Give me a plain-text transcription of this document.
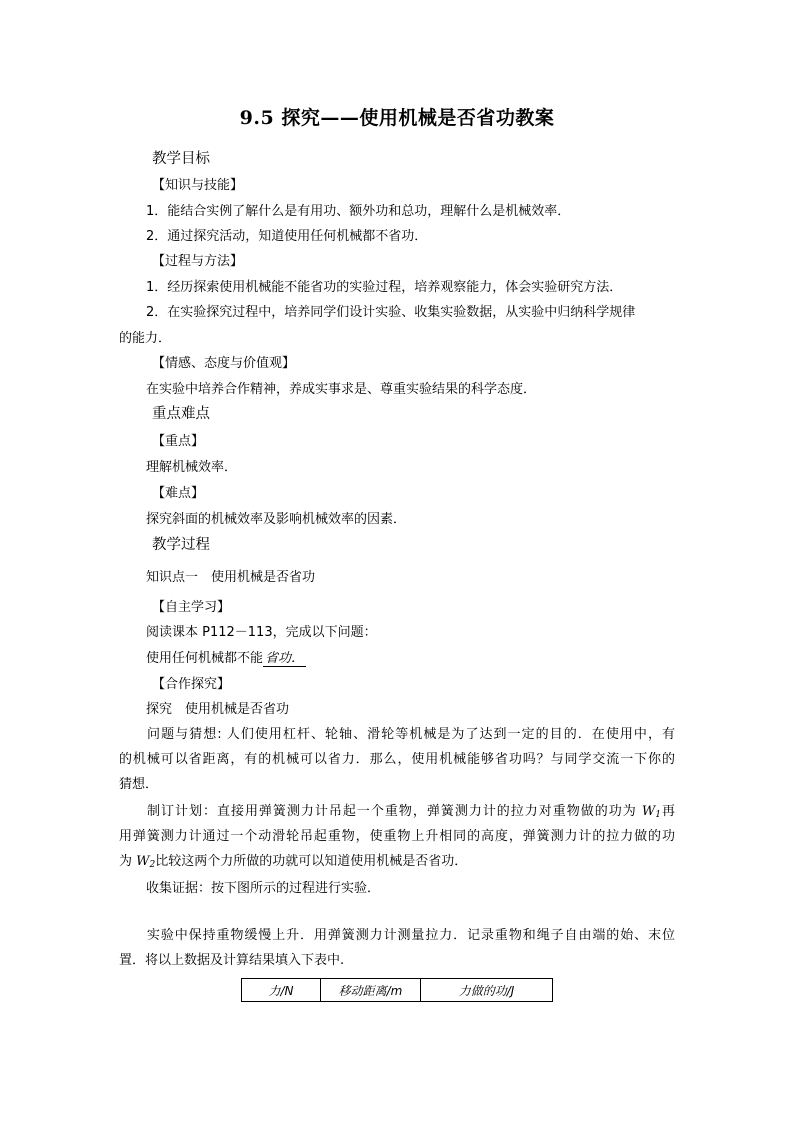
9.5 探究——使用机械是否省功教案
教学目标
【知识与技能】
1．能结合实例了解什么是有用功、额外功和总功，理解什么是机械效率．
2．通过探究活动，知道使用任何机械都不省功．
【过程与方法】
1．经历探索使用机械能不能省功的实验过程，培养观察能力，体会实验研究方法．
2．在实验探究过程中，培养同学们设计实验、收集实验数据，从实验中归纳科学规律
的能力．
【情感、态度与价值观】
在实验中培养合作精神，养成实事求是、尊重实验结果的科学态度．
重点难点
【重点】
理解机械效率．
【难点】
探究斜面的机械效率及影响机械效率的因素．
教学过程
知识点一　使用机械是否省功
【自主学习】
阅读课本 P112－113，完成以下问题：
使用任何机械都不能 省功．
【合作探究】
探究　使用机械是否省功
问题与猜想: 人们使用杠杆、轮轴、滑轮等机械是为了达到一定的目的．在使用中，有
的机械可以省距离，有的机械可以省力．那么，使用机械能够省功吗？与同学交流一下你的
猜想．
制订计划：直接用弹簧测力计吊起一个重物，弹簧测力计的拉力对重物做的功为 $W_1$再
用弹簧测力计通过一个动滑轮吊起重物，使重物上升相同的高度，弹簧测力计的拉力做的功
为 $W_2$比较这两个力所做的功就可以知道使用机械是否省功．
收集证据：按下图所示的过程进行实验．
实验中保持重物缓慢上升．用弹簧测力计测量拉力．记录重物和绳子自由端的始、末位
置．将以上数据及计算结果填入下表中.
力/N	移动距离/m	力做的功/J
